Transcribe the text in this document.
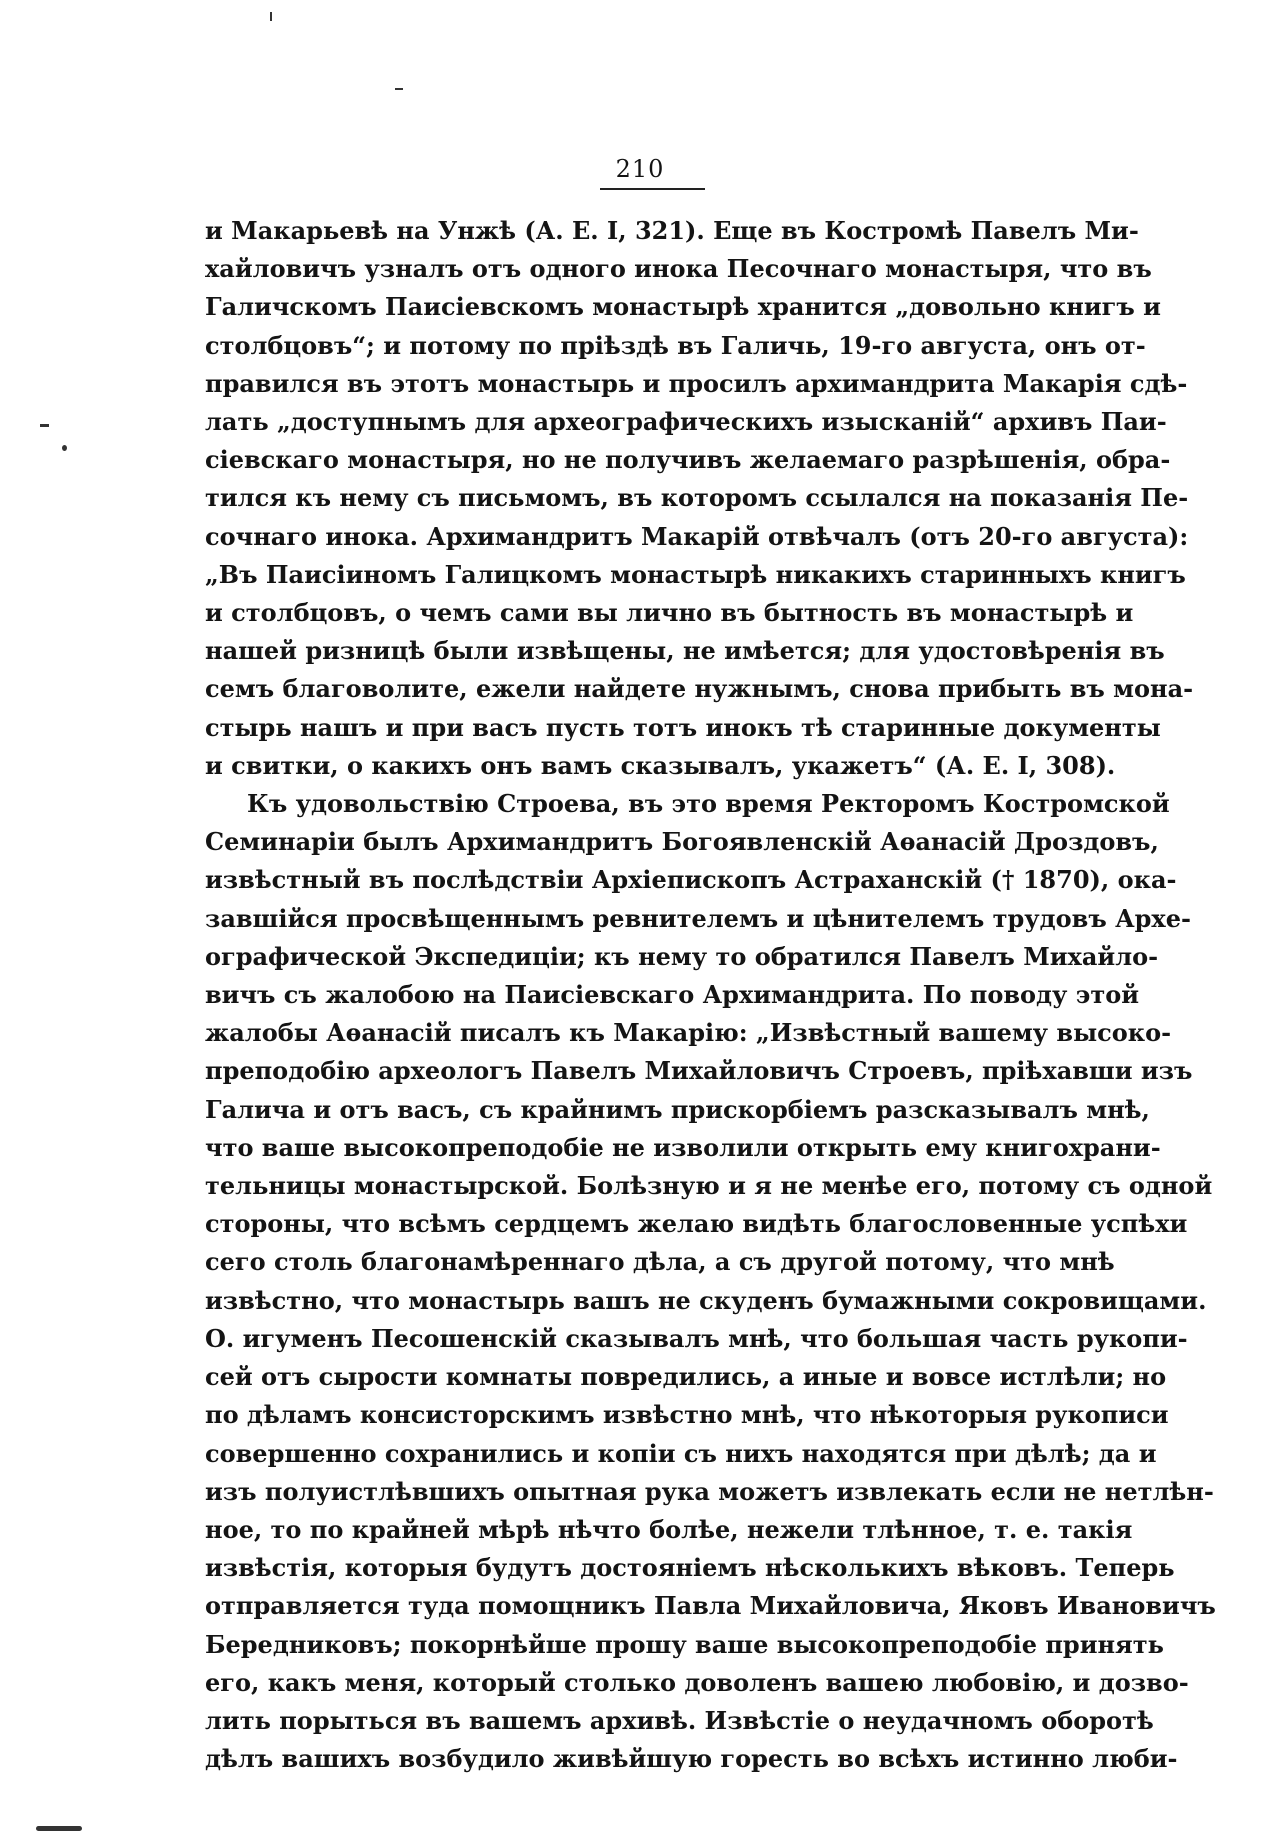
210
и Макарьевѣ на Унжѣ (А. Е. I, 321). Еще въ Костромѣ Павелъ Ми-
хайловичъ узналъ отъ одного инока Песочнаго монастыря, что въ
Галичскомъ Паисіевскомъ монастырѣ хранится „довольно книгъ и
столбцовъ“; и потому по пріѣздѣ въ Галичь, 19-го августа, онъ от-
правился въ этотъ монастырь и просилъ архимандрита Макарія сдѣ-
лать „доступнымъ для археографическихъ изысканій“ архивъ Паи-
сіевскаго монастыря, но не получивъ желаемаго разрѣшенія, обра-
тился къ нему съ письмомъ, въ которомъ ссылался на показанія Пе-
сочнаго инока. Архимандритъ Макарій отвѣчалъ (отъ 20-го августа):
„Въ Паисіиномъ Галицкомъ монастырѣ никакихъ старинныхъ книгъ
и столбцовъ, о чемъ сами вы лично въ бытность въ монастырѣ и
нашей ризницѣ были извѣщены, не имѣется; для удостовѣренія въ
семъ благоволите, ежели найдете нужнымъ, снова прибыть въ мона-
стырь нашъ и при васъ пусть тотъ инокъ тѣ старинные документы
и свитки, о какихъ онъ вамъ сказывалъ, укажетъ“ (А. Е. I, 308).
Къ удовольствію Строева, въ это время Ректоромъ Костромской
Семинаріи былъ Архимандритъ Богоявленскій Аѳанасій Дроздовъ,
извѣстный въ послѣдствіи Архіепископъ Астраханскій († 1870), ока-
завшійся просвѣщеннымъ ревнителемъ и цѣнителемъ трудовъ Архе-
ографической Экспедиціи; къ нему то обратился Павелъ Михайло-
вичъ съ жалобою на Паисіевскаго Архимандрита. По поводу этой
жалобы Аѳанасій писалъ къ Макарію: „Извѣстный вашему высоко-
преподобію археологъ Павелъ Михайловичъ Строевъ, пріѣхавши изъ
Галича и отъ васъ, съ крайнимъ прискорбіемъ разсказывалъ мнѣ,
что ваше высокопреподобіе не изволили открыть ему книгохрани-
тельницы монастырской. Болѣзную и я не менѣе его, потому съ одной
стороны, что всѣмъ сердцемъ желаю видѣть благословенные успѣхи
сего столь благонамѣреннаго дѣла, а съ другой потому, что мнѣ
извѣстно, что монастырь вашъ не скуденъ бумажными сокровищами.
О. игуменъ Песошенскій сказывалъ мнѣ, что большая часть рукопи-
сей отъ сырости комнаты повредились, а иные и вовсе истлѣли; но
по дѣламъ консисторскимъ извѣстно мнѣ, что нѣкоторыя рукописи
совершенно сохранились и копіи съ нихъ находятся при дѣлѣ; да и
изъ полуистлѣвшихъ опытная рука можетъ извлекать если не нетлѣн-
ное, то по крайней мѣрѣ нѣчто болѣе, нежели тлѣнное, т. е. такія
извѣстія, которыя будутъ достояніемъ нѣсколькихъ вѣковъ. Теперь
отправляется туда помощникъ Павла Михайловича, Яковъ Ивановичъ
Бередниковъ; покорнѣйше прошу ваше высокопреподобіе принять
его, какъ меня, который столько доволенъ вашею любовію, и дозво-
лить порыться въ вашемъ архивѣ. Извѣстіе о неудачномъ оборотѣ
дѣлъ вашихъ возбудило живѣйшую горесть во всѣхъ истинно люби-
